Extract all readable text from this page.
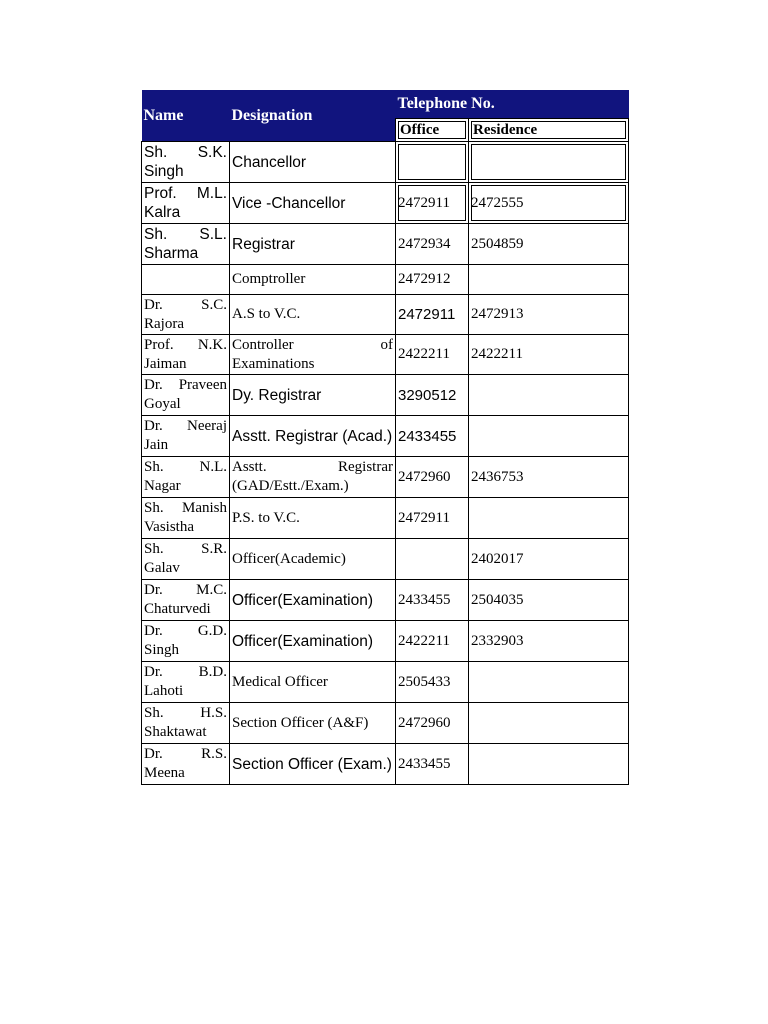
Name	Designation	Telephone No.	
		Office	Residence
Sh. S.K. Singh	Chancellor		
Prof. M.L. Kalra	Vice -Chancellor	2472911	2472555
Sh. S.L. Sharma	Registrar	2472934	2504859
	Comptroller	2472912	
Dr. S.C. Rajora	A.S to V.C.	2472911	2472913
Prof. N.K. Jaiman	Controller of Examinations	2422211	2422211
Dr. Praveen Goyal	Dy. Registrar	3290512	
Dr. Neeraj Jain	Asstt. Registrar (Acad.)	2433455	
Sh. N.L. Nagar	Asstt. Registrar (GAD/Estt./Exam.)	2472960	2436753
Sh. Manish Vasistha	P.S. to V.C.	2472911	
Sh. S.R. Galav	Officer(Academic)		2402017
Dr. M.C. Chaturvedi	Officer(Examination)	2433455	2504035
Dr. G.D. Singh	Officer(Examination)	2422211	2332903
Dr. B.D. Lahoti	Medical Officer	2505433	
Sh. H.S. Shaktawat	Section Officer (A&F)	2472960	
Dr. R.S. Meena	Section Officer (Exam.)	2433455	
